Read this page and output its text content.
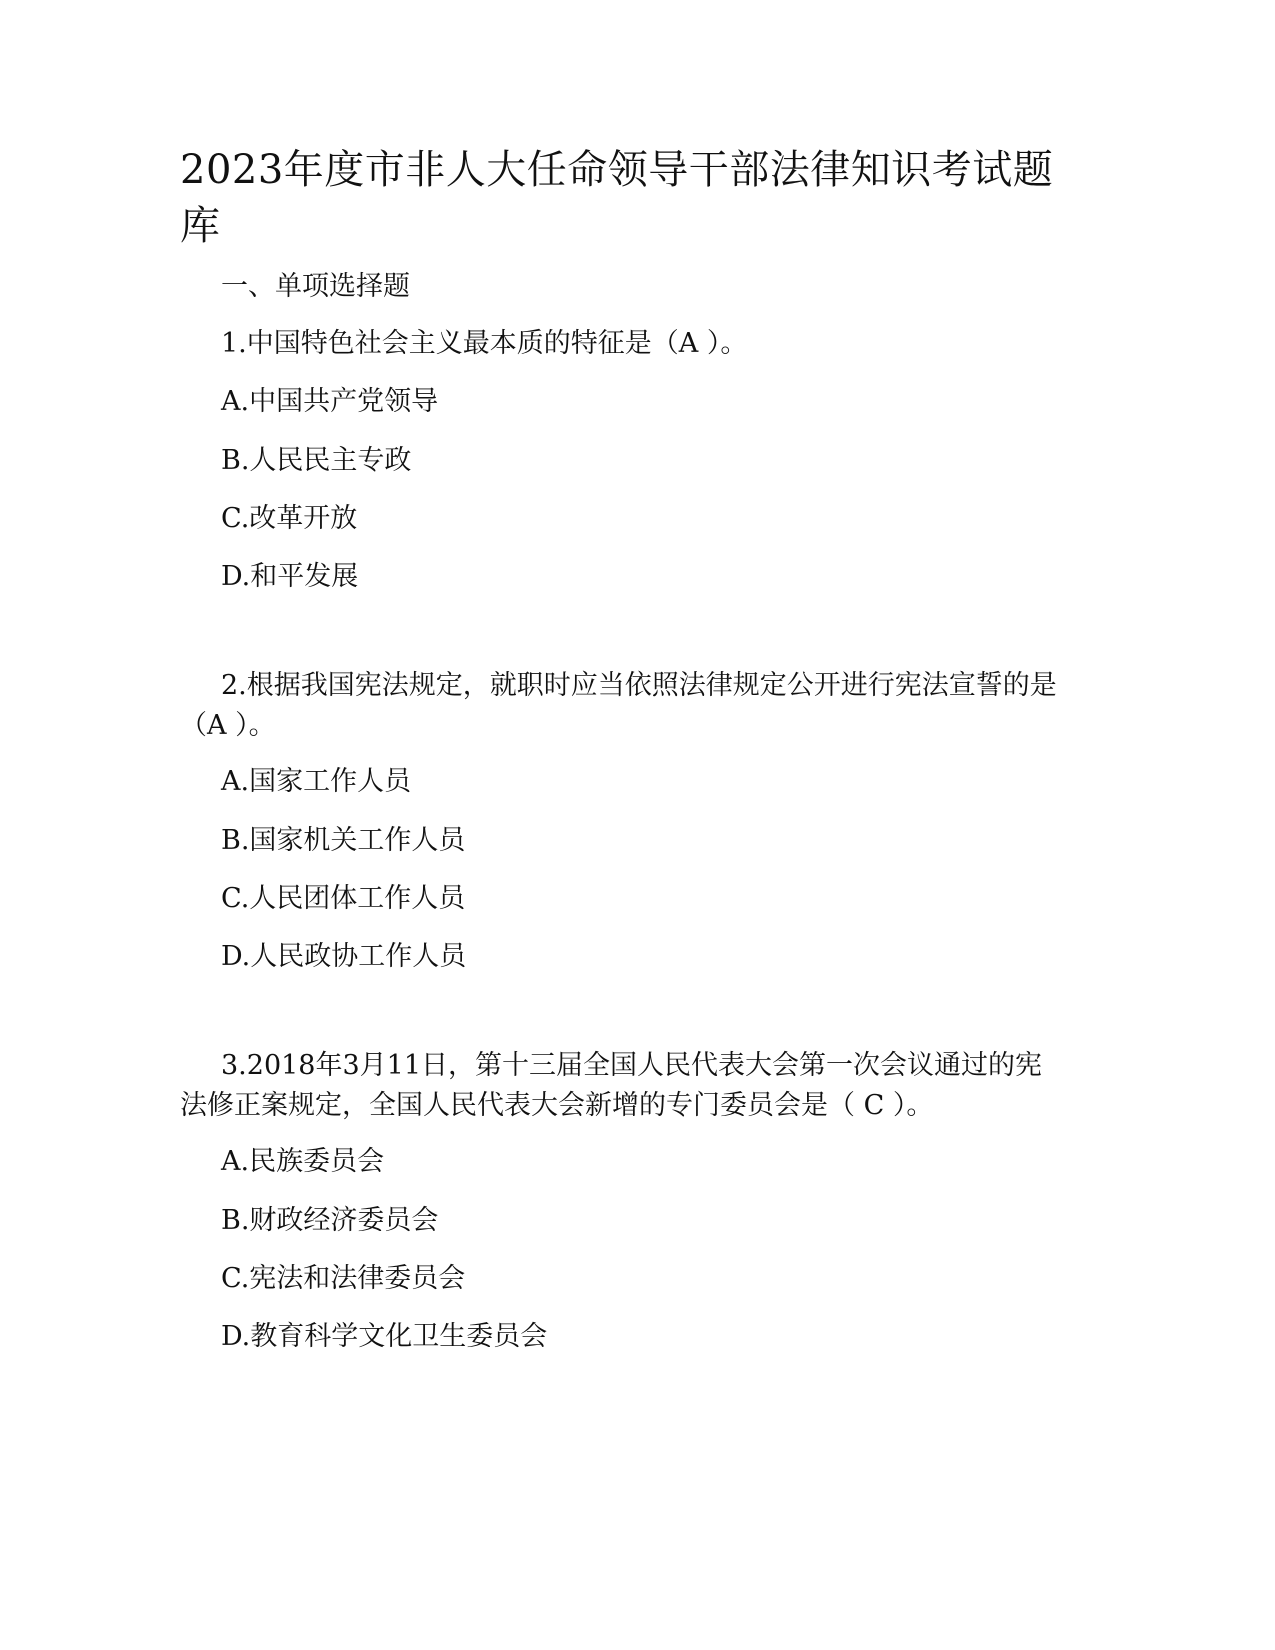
2023年度市非人大任命领导干部法律知识考试题库

一、单项选择题

1.中国特色社会主义最本质的特征是（A ）。

A.中国共产党领导

B.人民民主专政

C.改革开放

D.和平发展

2.根据我国宪法规定，就职时应当依照法律规定公开进行宪法宣誓的是（A ）。

A.国家工作人员

B.国家机关工作人员

C.人民团体工作人员

D.人民政协工作人员

3.2018年3月11日，第十三届全国人民代表大会第一次会议通过的宪法修正案规定，全国人民代表大会新增的专门委员会是（ C ）。

A.民族委员会

B.财政经济委员会

C.宪法和法律委员会

D.教育科学文化卫生委员会
